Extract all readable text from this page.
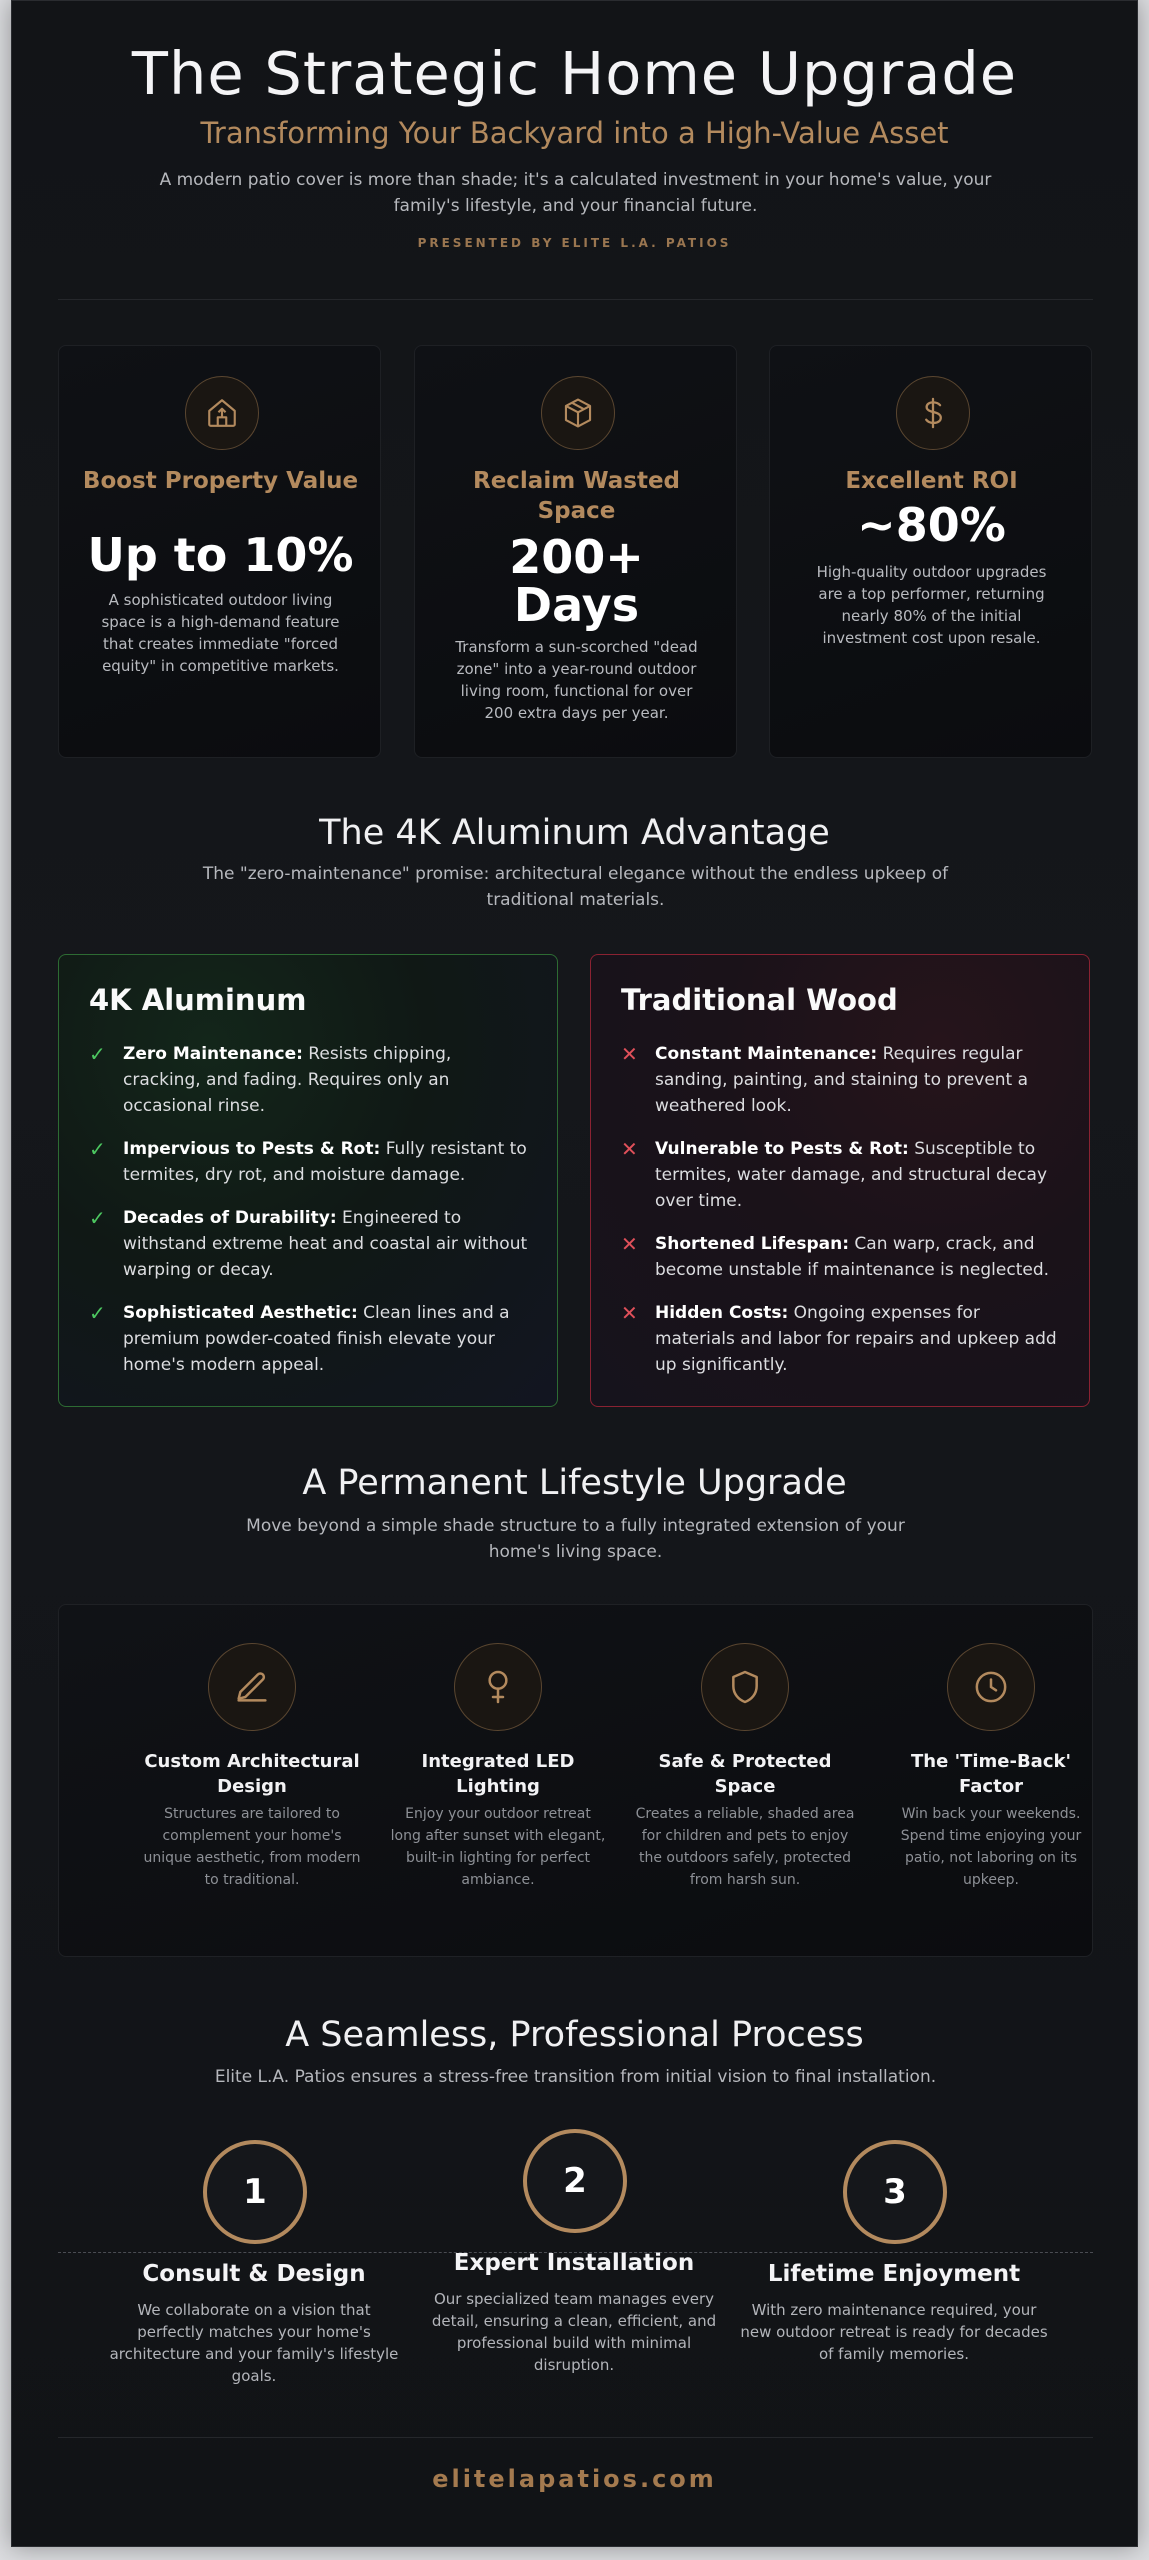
The Strategic Home Upgrade
Transforming Your Backyard into a High-Value Asset

A modern patio cover is more than shade; it's a calculated investment in your home's value, your family's lifestyle, and your financial future.

PRESENTED BY ELITE L.A. PATIOS
Boost Property Value
Up to 10%
A sophisticated outdoor living space is a high-demand feature that creates immediate "forced equity" in competitive markets.
Reclaim Wasted Space
200+ Days
Transform a sun-scorched "dead zone" into a year-round outdoor living room, functional for over 200 extra days per year.
Excellent ROI
~80%
High-quality outdoor upgrades are a top performer, returning nearly 80% of the initial investment cost upon resale.
The 4K Aluminum Advantage

The "zero-maintenance" promise: architectural elegance without the endless upkeep of traditional materials.

4K Aluminum
✓	Zero Maintenance: Resists chipping, cracking, and fading. Requires only an occasional rinse.
✓	Impervious to Pests & Rot: Fully resistant to termites, dry rot, and moisture damage.
✓	Decades of Durability: Engineered to withstand extreme heat and coastal air without warping or decay.
✓	Sophisticated Aesthetic: Clean lines and a premium powder-coated finish elevate your home's modern appeal.
Traditional Wood
✕	Constant Maintenance: Requires regular sanding, painting, and staining to prevent a weathered look.
✕	Vulnerable to Pests & Rot: Susceptible to termites, water damage, and structural decay over time.
✕	Shortened Lifespan: Can warp, crack, and become unstable if maintenance is neglected.
✕	Hidden Costs: Ongoing expenses for materials and labor for repairs and upkeep add up significantly.
A Permanent Lifestyle Upgrade

Move beyond a simple shade structure to a fully integrated extension of your home's living space.

Custom Architectural Design
Structures are tailored to complement your home's unique aesthetic, from modern to traditional.
Integrated LED Lighting
Enjoy your outdoor retreat long after sunset with elegant, built-in lighting for perfect ambiance.
Safe & Protected Space
Creates a reliable, shaded area for children and pets to enjoy the outdoors safely, protected from harsh sun.
The 'Time-Back' Factor
Win back your weekends. Spend time enjoying your patio, not laboring on its upkeep.
A Seamless, Professional Process

Elite L.A. Patios ensures a stress-free transition from initial vision to final installation.

1
Consult & Design
We collaborate on a vision that perfectly matches your home's architecture and your family's lifestyle goals.
2
Expert Installation
Our specialized team manages every detail, ensuring a clean, efficient, and professional build with minimal disruption.
3
Lifetime Enjoyment
With zero maintenance required, your new outdoor retreat is ready for decades of family memories.
elitelapatios.com
